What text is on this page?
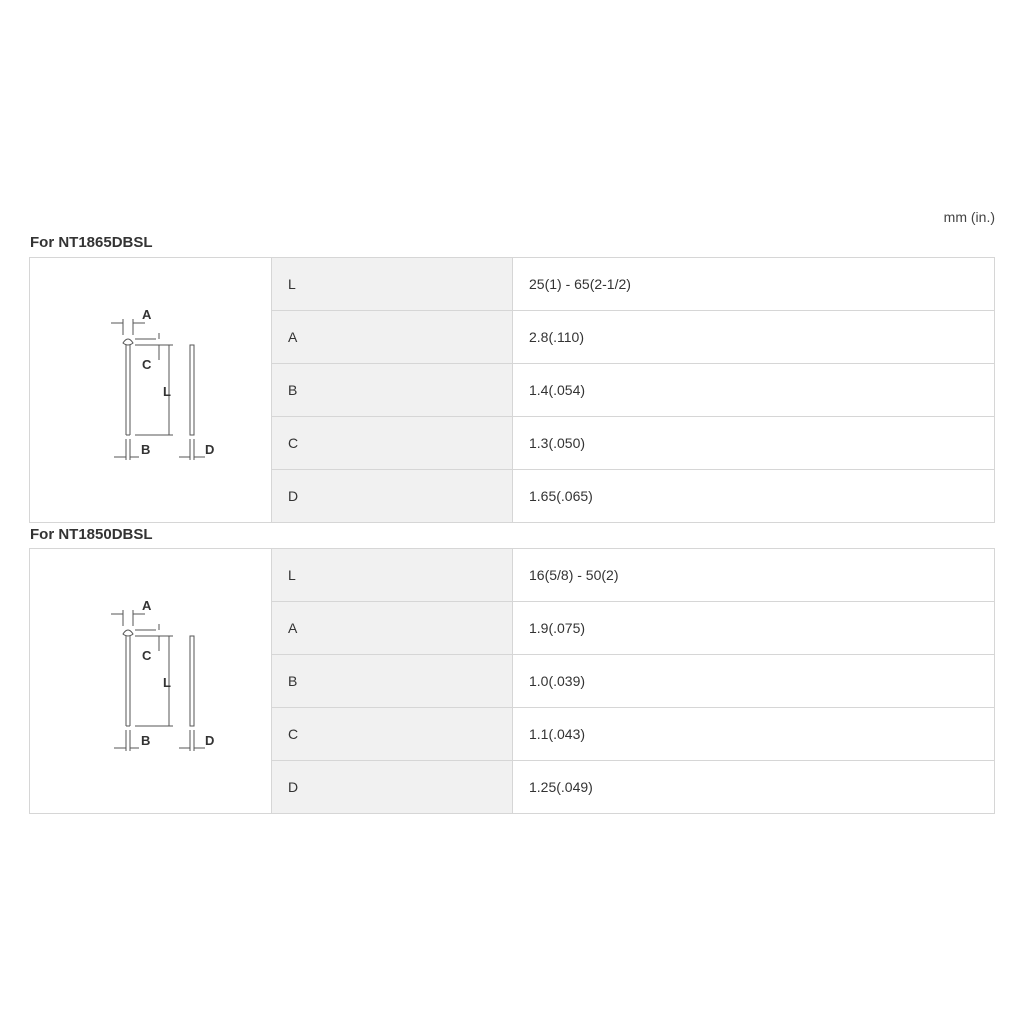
mm (in.)
For NT1865DBSL
A
C
L
B D	L	25(1) - 65(2-1/2)
	A	2.8(.110)
	B	1.4(.054)
	C	1.3(.050)
	D	1.65(.065)
For NT1850DBSL
A
C
L
B D	L	16(5/8) - 50(2)
	A	1.9(.075)
	B	1.0(.039)
	C	1.1(.043)
	D	1.25(.049)
